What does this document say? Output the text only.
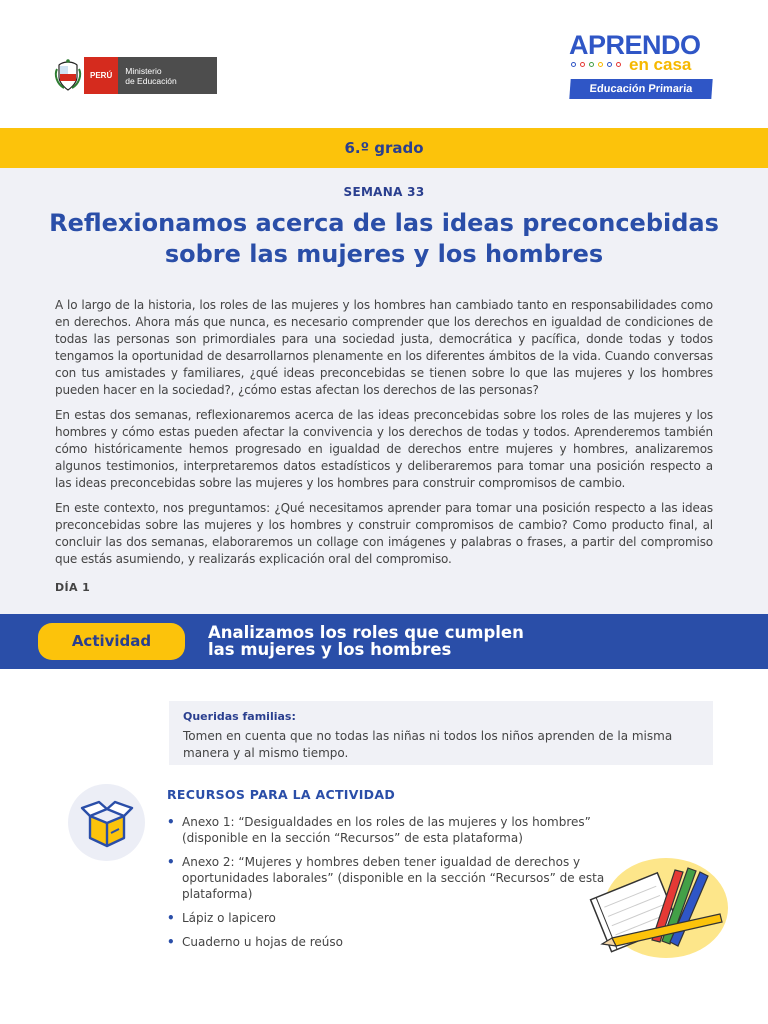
PERÚ	Ministerio
de Educación
APRENDO
en casa
Educación Primaria
6.º grado
SEMANA 33
Reflexionamos acerca de las ideas preconcebidas sobre las mujeres y los hombres

A lo largo de la historia, los roles de las mujeres y los hombres han cambiado tanto en responsabilidades como en derechos. Ahora más que nunca, es necesario comprender que los derechos en igualdad de condiciones de todas las personas son primordiales para una sociedad justa, democrática y pacífica, donde todas y todos tengamos la oportunidad de desarrollarnos plenamente en los diferentes ámbitos de la vida. Cuando conversas con tus amistades y familiares, ¿qué ideas preconcebidas se tienen sobre lo que las mujeres y los hombres pueden hacer en la sociedad?, ¿cómo estas afectan los derechos de las personas?

En estas dos semanas, reflexionaremos acerca de las ideas preconcebidas sobre los roles de las mujeres y los hombres y cómo estas pueden afectar la convivencia y los derechos de todas y todos. Aprenderemos también cómo históricamente hemos progresado en igualdad de derechos entre mujeres y hombres, analizaremos algunos testimonios, interpretaremos datos estadísticos y deliberaremos para tomar una posición respecto a las ideas preconcebidas sobre las mujeres y los hombres para construir compromisos de cambio.

En este contexto, nos preguntamos: ¿Qué necesitamos aprender para tomar una posición respecto a las ideas preconcebidas sobre las mujeres y los hombres y construir compromisos de cambio? Como producto final, al concluir las dos semanas, elaboraremos un collage con imágenes y palabras o frases, a partir del compromiso que estás asumiendo, y realizarás explicación oral del compromiso.

DÍA 1
Actividad	Analizamos los roles que cumplen
las mujeres y los hombres
Queridas familias:
Tomen en cuenta que no todas las niñas ni todos los niños aprenden de la misma manera y al mismo tiempo.
RECURSOS PARA LA ACTIVIDAD
• Anexo 1: “Desigualdades en los roles de las mujeres y los hombres” (disponible en la sección “Recursos” de esta plataforma)
• Anexo 2: “Mujeres y hombres deben tener igualdad de derechos y oportunidades laborales” (disponible en la sección “Recursos” de esta plataforma)
• Lápiz o lapicero
• Cuaderno u hojas de reúso
